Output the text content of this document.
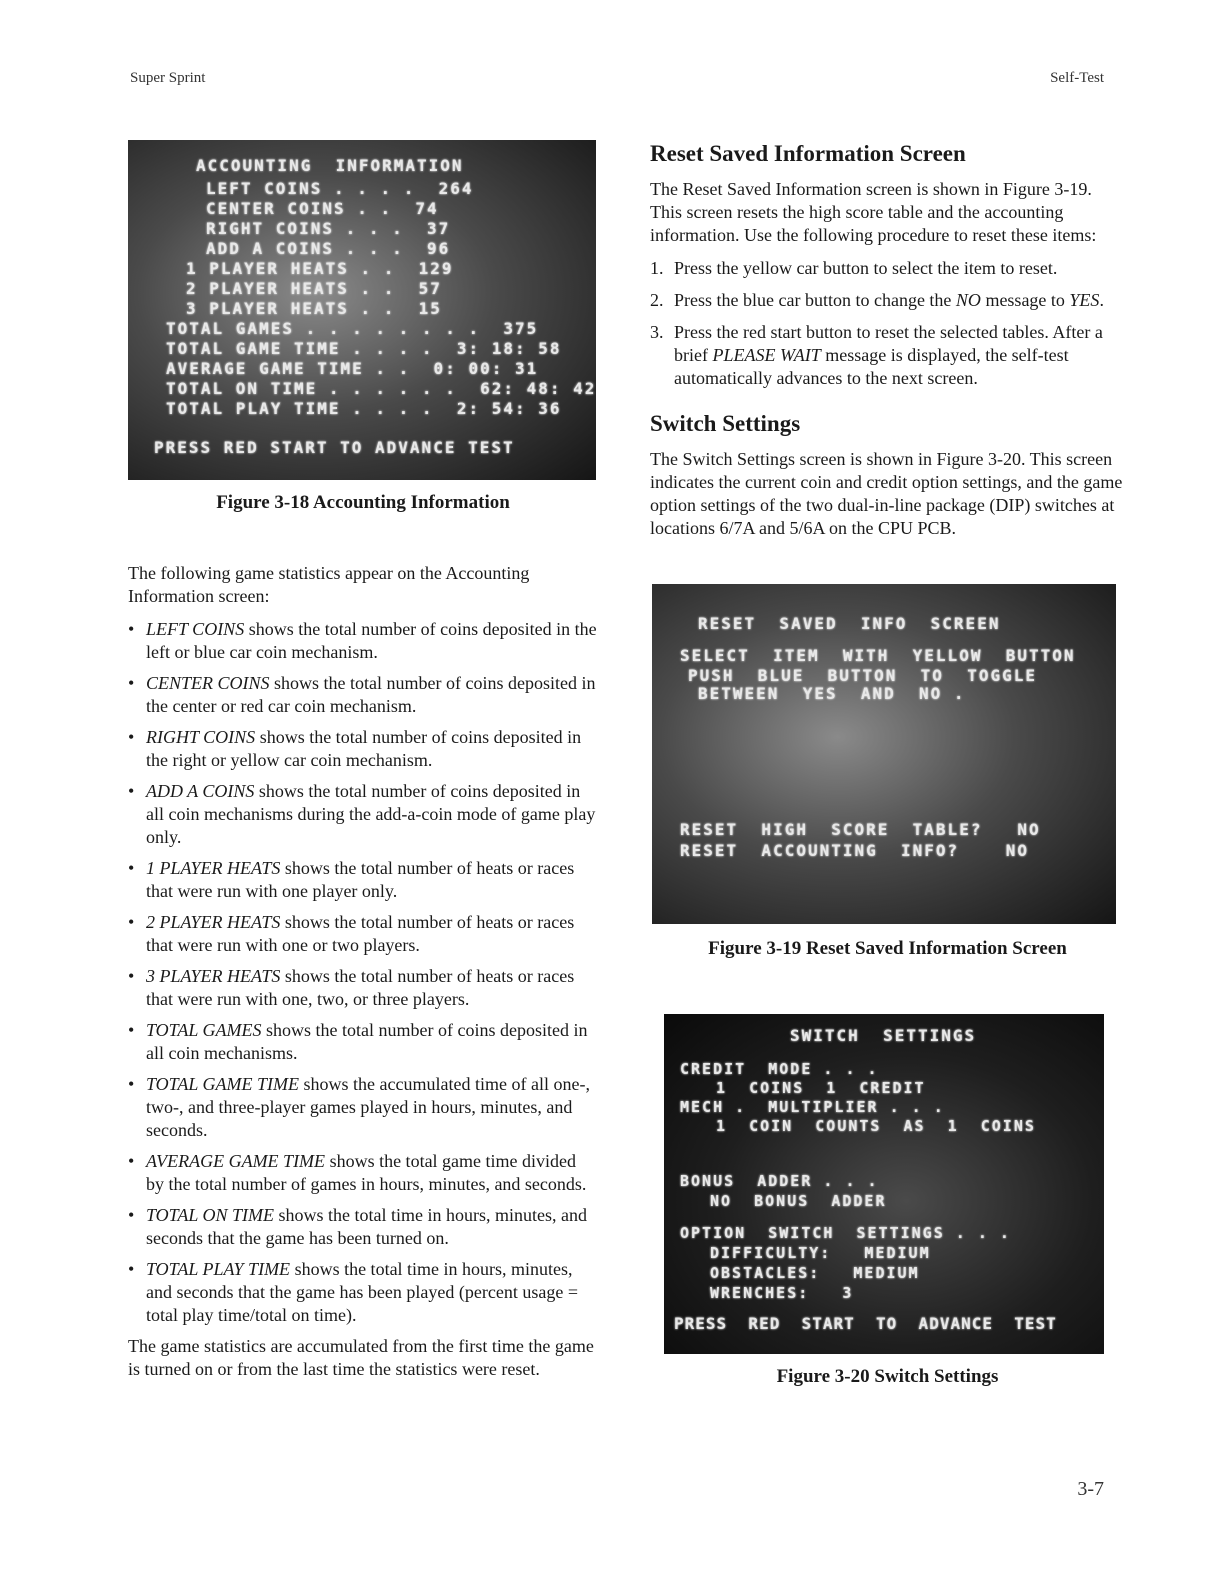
Super Sprint	Self-Test
ACCOUNTING  INFORMATION
LEFT COINS . . . .  264
CENTER COINS . .  74
RIGHT COINS . . .  37
ADD A COINS . . .  96
1 PLAYER HEATS . .  129
2 PLAYER HEATS . .  57
3 PLAYER HEATS . .  15
TOTAL GAMES . . . . . . . .  375
TOTAL GAME TIME . . . .  3: 18: 58
AVERAGE GAME TIME . .  0: 00: 31
TOTAL ON TIME . . . . . .  62: 48: 42
TOTAL PLAY TIME . . . .  2: 54: 36
PRESS RED START TO ADVANCE TEST
Figure 3-18 Accounting Information

The following game statistics appear on the Accounting Information screen:

• LEFT COINS shows the total number of coins deposited in the left or blue car coin mechanism.
• CENTER COINS shows the total number of coins deposited in the center or red car coin mechanism.
• RIGHT COINS shows the total number of coins deposited in the right or yellow car coin mechanism.
• ADD A COINS shows the total number of coins deposited in all coin mechanisms during the add-a-coin mode of game play only.
• 1 PLAYER HEATS shows the total number of heats or races that were run with one player only.
• 2 PLAYER HEATS shows the total number of heats or races that were run with one or two players.
• 3 PLAYER HEATS shows the total number of heats or races that were run with one, two, or three players.
• TOTAL GAMES shows the total number of coins deposited in all coin mechanisms.
• TOTAL GAME TIME shows the accumulated time of all one-, two-, and three-player games played in hours, minutes, and seconds.
• AVERAGE GAME TIME shows the total game time divided by the total number of games in hours, minutes, and seconds.
• TOTAL ON TIME shows the total time in hours, minutes, and seconds that the game has been turned on.
• TOTAL PLAY TIME shows the total time in hours, minutes, and seconds that the game has been played (percent usage = total play time/total on time).

The game statistics are accumulated from the first time the game is turned on or from the last time the statistics were reset.

Reset Saved Information Screen

The Reset Saved Information screen is shown in Figure 3-19. This screen resets the high score table and the accounting information. Use the following procedure to reset these items:

1. Press the yellow car button to select the item to reset.
2. Press the blue car button to change the NO message to YES.
3. Press the red start button to reset the selected tables. After a brief PLEASE WAIT message is displayed, the self-test automatically advances to the next screen.
Switch Settings

The Switch Settings screen is shown in Figure 3-20. This screen indicates the current coin and credit option settings, and the game option settings of the two dual-in-line package (DIP) switches at locations 6/7A and 5/6A on the CPU PCB.

RESET  SAVED  INFO  SCREEN
SELECT  ITEM  WITH  YELLOW  BUTTON
PUSH  BLUE  BUTTON  TO  TOGGLE
BETWEEN  YES  AND  NO .
RESET  HIGH  SCORE  TABLE?   NO
RESET  ACCOUNTING  INFO?    NO
Figure 3-19 Reset Saved Information Screen
SWITCH  SETTINGS
CREDIT  MODE . . .
1  COINS  1  CREDIT
MECH .  MULTIPLIER . . .
1  COIN  COUNTS  AS  1  COINS
BONUS  ADDER . . .
NO  BONUS  ADDER
OPTION  SWITCH  SETTINGS . . .
DIFFICULTY:   MEDIUM
OBSTACLES:   MEDIUM
WRENCHES:   3
PRESS  RED  START  TO  ADVANCE  TEST
Figure 3-20 Switch Settings
3-7
